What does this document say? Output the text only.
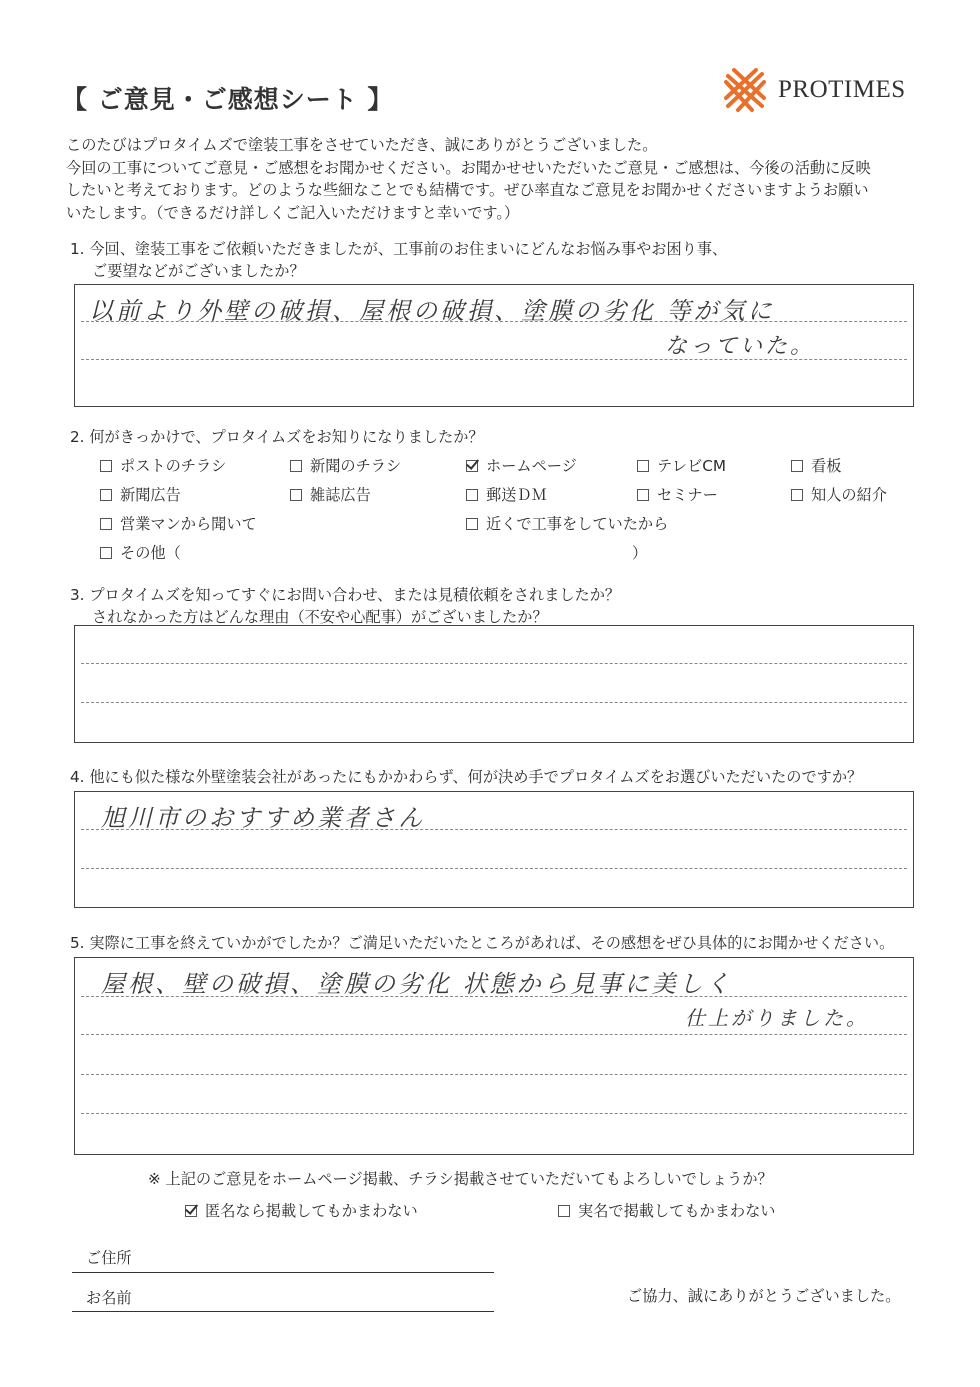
【 ご意見・ご感想シート 】	PROTIMES
このたびはプロタイムズで塗装工事をさせていただき、誠にありがとうございました。
今回の工事についてご意見・ご感想をお聞かせください。お聞かせせいただいたご意見・ご感想は、今後の活動に反映
したいと考えております。どのような些細なことでも結構です。ぜひ率直なご意見をお聞かせくださいますようお願い
いたします。（できるだけ詳しくご記入いただけますと幸いです。）
1. 今回、塗装工事をご依頼いただきましたが、工事前のお住まいにどんなお悩み事やお困り事、
ご要望などがございましたか？
以前より外壁の破損、屋根の破損、塗膜の劣化 等が気に
なっていた。
2. 何がきっかけで、プロタイムズをお知りになりましたか？
ポストのチラシ	新聞のチラシ	ホームページ	テレビCM	看板
新聞広告	雑誌広告	郵送ＤＭ	セミナー	知人の紹介
営業マンから聞いて	近くで工事をしていたから
その他（	）
3. プロタイムズを知ってすぐにお問い合わせ、または見積依頼をされましたか？
されなかった方はどんな理由（不安や心配事）がございましたか？
4. 他にも似た様な外壁塗装会社があったにもかかわらず、何が決め手でプロタイムズをお選びいただいたのですか？
旭川市のおすすめ業者さん
5. 実際に工事を終えていかがでしたか？ご満足いただいたところがあれば、その感想をぜひ具体的にお聞かせください。
屋根、壁の破損、塗膜の劣化 状態から見事に美しく
仕上がりました。
※ 上記のご意見をホームページ掲載、チラシ掲載させていただいてもよろしいでしょうか？
匿名なら掲載してもかまわない	実名で掲載してもかまわない
ご住所
お名前	ご協力、誠にありがとうございました。
